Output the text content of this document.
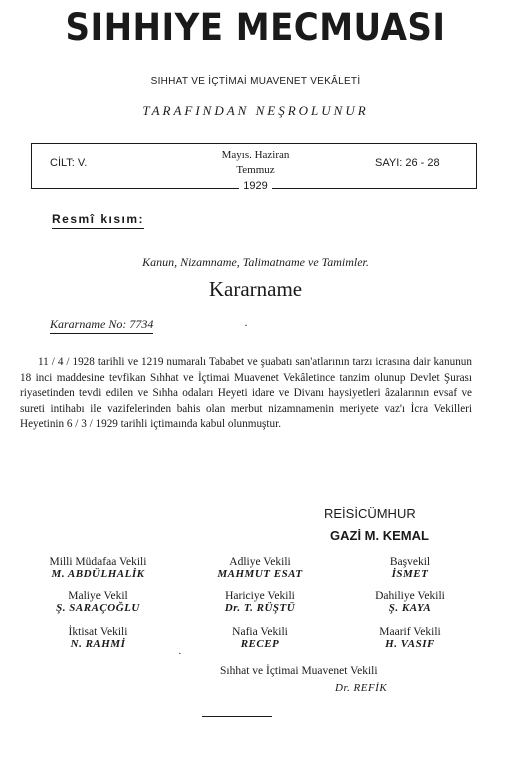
SIHHIYE MECMUASI
SIHHAT VE İÇTİMAİ MUAVENET VEKÂLETİ
TARAFINDAN NEŞROLUNUR
CİLT: V.
Mayıs. Haziran
Temmuz
SAYI: 26 - 28
1929
Resmî kısım:
Kanun, Nizamname, Talimatname ve Tamimler.
Kararname
Kararname No: 7734	·

11 / 4 / 1928 tarihli ve 1219 numaralı Tababet ve şuabatı san'atlarının tarzı icrasına dair kanunun 18 inci maddesine tevfikan Sıhhat ve İçtimai Muavenet Vekâletince tanzim olunup Devlet Şurası riyasetinden tevdi edilen ve Sıhha odaları Heyeti idare ve Divanı haysiyetleri âzalarının evsaf ve sureti intihabı ile vazifelerinden bahis olan merbut nizamnamenin meriyete vaz'ı İcra Vekilleri Heyetinin 6 / 3 / 1929 tarihli içtimaında kabul olunmuştur.

REİSİCÜMHUR
GAZİ M. KEMAL
Milli Müdafaa Vekili
M. ABDÜLHALİK
Adliye Vekili
MAHMUT ESAT
Başvekil
İSMET
Maliye Vekil
Ş. SARAÇOĞLU
Hariciye Vekili
Dr. T. RÜŞTÜ
Dahiliye Vekili
Ş. KAYA
İktisat Vekili
N. RAHMİ
Nafia Vekili
RECEP
Maarif Vekili
H. VASIF
·
Sıhhat ve İçtimai Muavenet Vekili
Dr. REFİK
